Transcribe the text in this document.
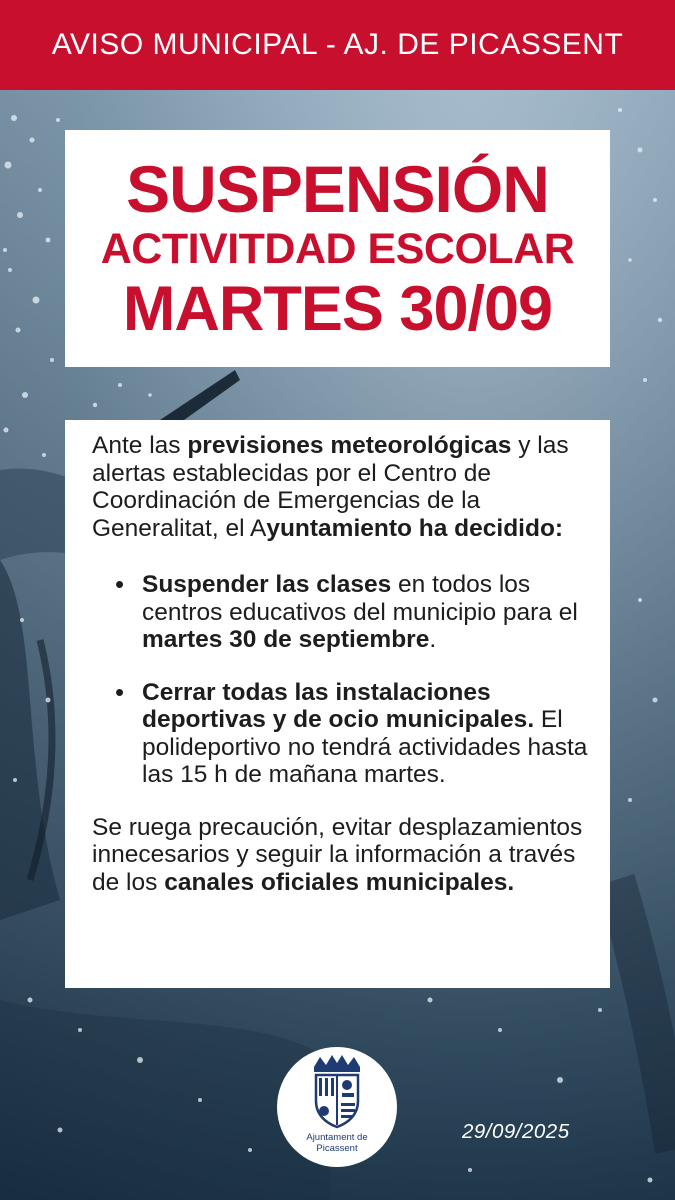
AVISO MUNICIPAL - AJ. DE PICASSENT
SUSPENSIÓN
ACTIVITDAD ESCOLAR
MARTES 30/09

Ante las previsiones meteorológicas y las alertas establecidas por el Centro de Coordinación de Emergencias de la Generalitat, el Ayuntamiento ha decidido:

• Suspender las clases en todos los centros educativos del municipio para el martes 30 de septiembre.
• Cerrar todas las instalaciones deportivas y de ocio municipales. El polideportivo no tendrá actividades hasta las 15 h de mañana martes.

Se ruega precaución, evitar desplazamientos innecesarios y seguir la información a través de los canales oficiales municipales.

Ajuntament de
Picassent
29/09/2025
